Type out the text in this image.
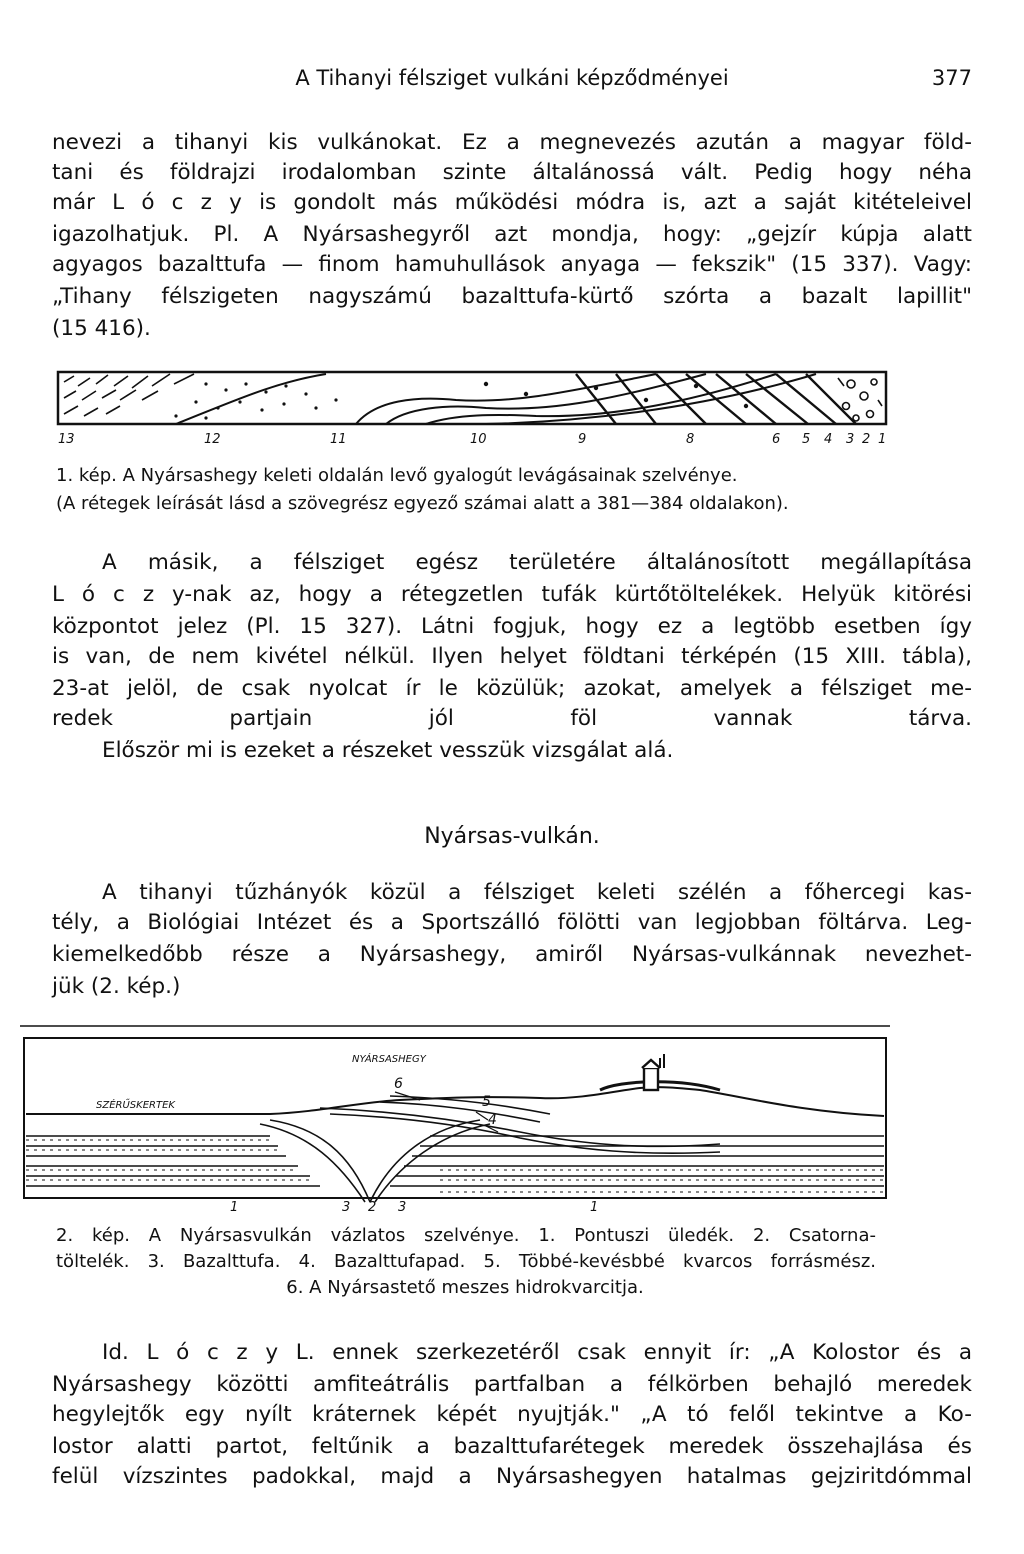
A Tihanyi félsziget vulkáni képződményei	377
nevezi a tihanyi kis vulkánokat. Ez a megnevezés azután a magyar föld-
tani és földrajzi irodalomban szinte általánossá vált. Pedig hogy néha
már L ó c z y is gondolt más működési módra is, azt a saját kitételeivel
igazolhatjuk. Pl. A Nyársashegyről azt mondja, hogy: „gejzír kúpja alatt
agyagos bazalttufa — finom hamuhullások anyaga — fekszik" (15 337). Vagy:
„Tihany félszigeten nagyszámú bazalttufa-kürtő szórta a bazalt lapillit"
(15 416).
13	12	11	10	9	8	6 5 4 3 2 1
1. kép. A Nyársashegy keleti oldalán levő gyalogút levágásainak szelvénye.
(A rétegek leírását lásd a szövegrész egyező számai alatt a 381—384 oldalakon).
A másik, a félsziget egész területére általánosított megállapítása
L ó c z y-nak az, hogy a rétegzetlen tufák kürtőtöltelékek. Helyük kitörési
központot jelez (Pl. 15 327). Látni fogjuk, hogy ez a legtöbb esetben így
is van, de nem kivétel nélkül. Ilyen helyet földtani térképén (15 XIII. tábla),
23-at jelöl, de csak nyolcat ír le közülük; azokat, amelyek a félsziget me-
redek partjain jól föl vannak tárva.
Először mi is ezeket a részeket vesszük vizsgálat alá.
Nyársas-vulkán.
A tihanyi tűzhányók közül a félsziget keleti szélén a főhercegi kas-
tély, a Biológiai Intézet és a Sportszálló fölötti van legjobban föltárva. Leg-
kiemelkedőbb része a Nyársashegy, amiről Nyársas-vulkánnak nevezhet-
jük (2. kép.)
NYÁRSASHEGY
SZÉRŰSKERTEK
6
5
4
1	3 2 3	1
2. kép. A Nyársasvulkán vázlatos szelvénye. 1. Pontuszi üledék. 2. Csatorna-
töltelék. 3. Bazalttufa. 4. Bazalttufapad. 5. Többé-kevésbbé kvarcos forrásmész.
6. A Nyársastető meszes hidrokvarcitja.
Id. L ó c z y L. ennek szerkezetéről csak ennyit ír: „A Kolostor és a
Nyársashegy közötti amfiteátrális partfalban a félkörben behajló meredek
hegylejtők egy nyílt kráternek képét nyujtják." „A tó felől tekintve a Ko-
lostor alatti partot, feltűnik a bazalttufarétegek meredek összehajlása és
felül vízszintes padokkal, majd a Nyársashegyen hatalmas gejziritdómmal
